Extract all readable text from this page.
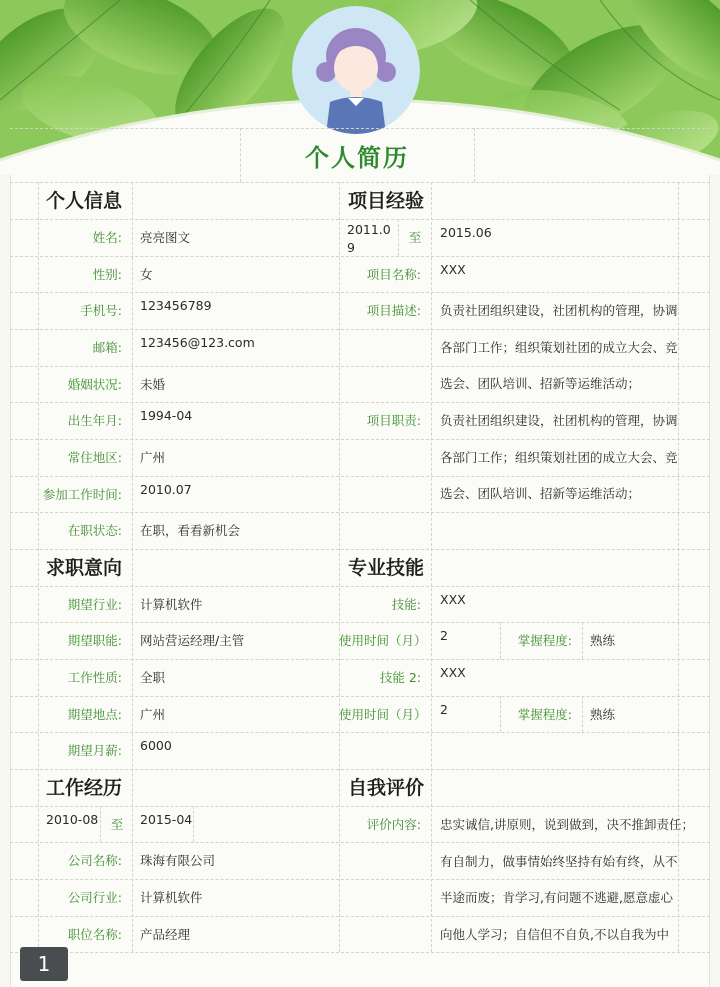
个人简历
个人信息
姓名: 亮亮图文
性别: 女
手机号: 123456789
邮箱: 123456@123.com
婚姻状况: 未婚
出生年月: 1994-04
常住地区: 广州
参加工作时间: 2010.07
在职状态: 在职，看看新机会
项目经验
2011.0
9
至	2015.06
项目名称: XXX
项目描述: 负责社团组织建设，社团机构的管理，协调
各部门工作；组织策划社团的成立大会、竞
选会、团队培训、招新等运维活动；
项目职责: 负责社团组织建设，社团机构的管理，协调
各部门工作；组织策划社团的成立大会、竞
选会、团队培训、招新等运维活动；
求职意向
期望行业: 计算机软件
期望职能: 网站营运经理/主管
工作性质: 全职
期望地点: 广州
期望月薪: 6000
专业技能
技能: XXX
使用时间（月） 2	掌握程度: 熟练
技能 2: XXX
使用时间（月） 2	掌握程度: 熟练
工作经历
2010-08	至	2015-04
公司名称: 珠海有限公司
公司行业: 计算机软件
职位名称: 产品经理
自我评价
评价内容: 忠实诚信,讲原则，说到做到，决不推卸责任；
有自制力，做事情始终坚持有始有终，从不
半途而废；肯学习,有问题不逃避,愿意虚心
向他人学习；自信但不自负,不以自我为中
1
